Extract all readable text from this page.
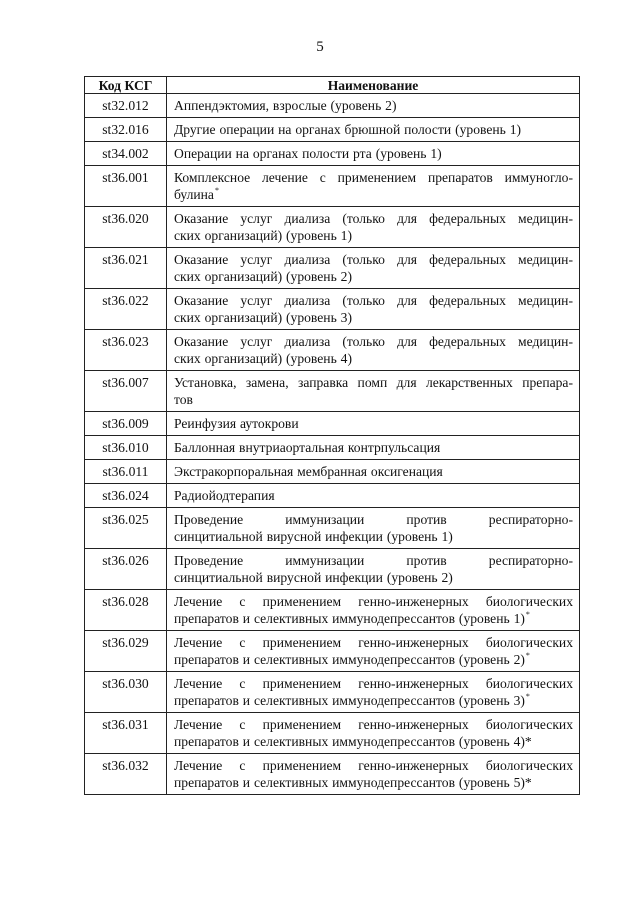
5
Код КСГ	Наименование
st32.012	Аппендэктомия, взрослые (уровень 2)

st32.016	Другие операции на органах брюшной полости (уровень 1)

st34.002	Операции на органах полости рта (уровень 1)

st36.001	Комплексное лечение с применением препаратов иммуногло-
булина*

st36.020	Оказание услуг диализа (только для федеральных медицин-
ских организаций) (уровень 1)

st36.021	Оказание услуг диализа (только для федеральных медицин-
ских организаций) (уровень 2)

st36.022	Оказание услуг диализа (только для федеральных медицин-
ских организаций) (уровень 3)

st36.023	Оказание услуг диализа (только для федеральных медицин-
ских организаций) (уровень 4)

st36.007	Установка, замена, заправка помп для лекарственных препара-
тов

st36.009	Реинфузия аутокрови

st36.010	Баллонная внутриаортальная контрпульсация

st36.011	Экстракорпоральная мембранная оксигенация

st36.024	Радиойодтерапия

st36.025	Проведение иммунизации против респираторно-
синцитиальной вирусной инфекции (уровень 1)

st36.026	Проведение иммунизации против респираторно-
синцитиальной вирусной инфекции (уровень 2)

st36.028	Лечение с применением генно-инженерных биологических
препаратов и селективных иммунодепрессантов (уровень 1)*

st36.029	Лечение с применением генно-инженерных биологических
препаратов и селективных иммунодепрессантов (уровень 2)*

st36.030	Лечение с применением генно-инженерных биологических
препаратов и селективных иммунодепрессантов (уровень 3)*

st36.031	Лечение с применением генно-инженерных биологических
препаратов и селективных иммунодепрессантов (уровень 4)*

st36.032	Лечение с применением генно-инженерных биологических
препаратов и селективных иммунодепрессантов (уровень 5)*
